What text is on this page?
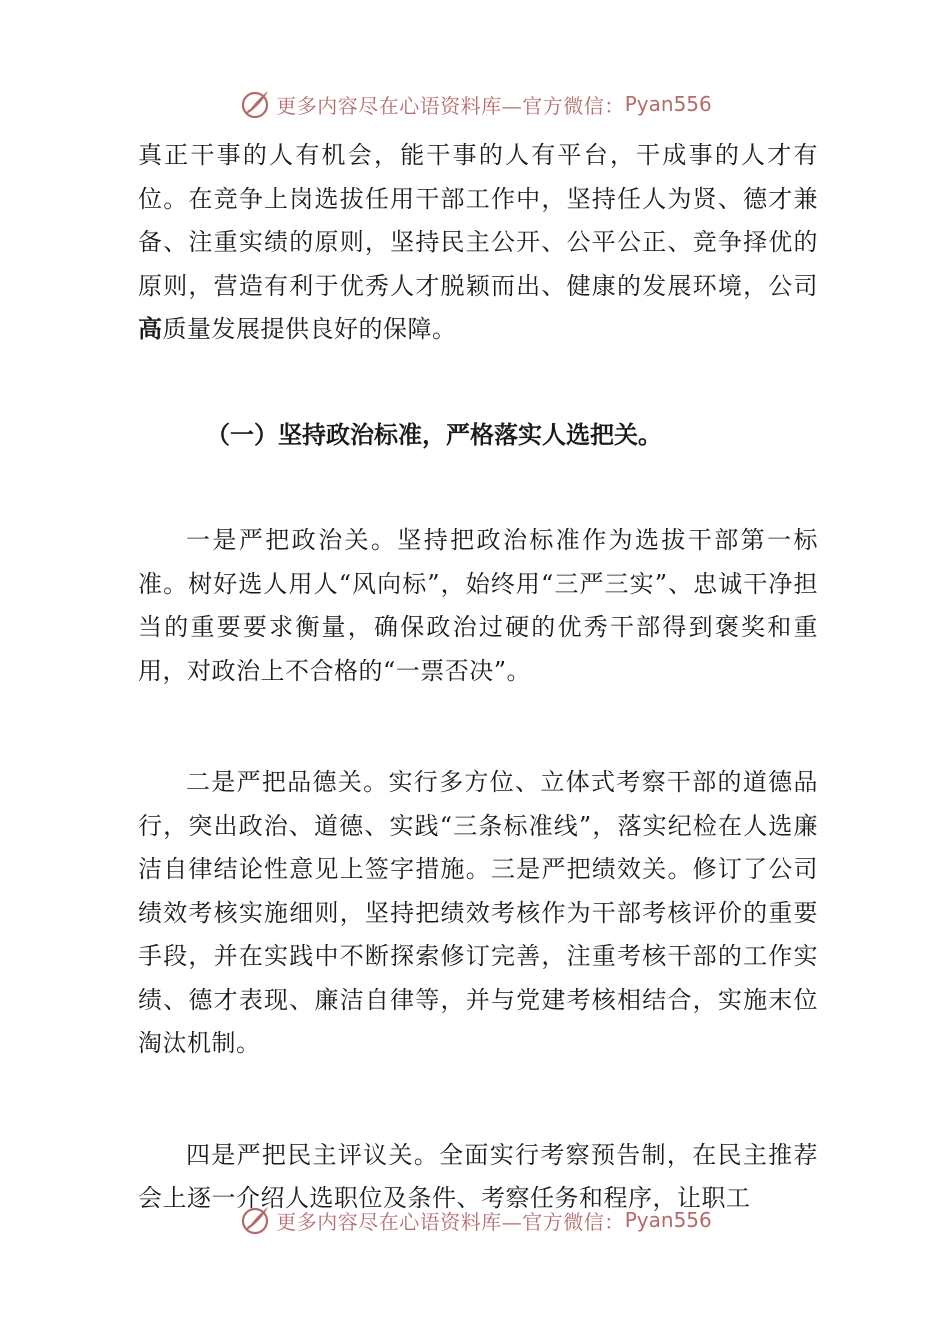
更多内容尽在心语资料库—官方微信： Pyan556

真正干事的人有机会，能干事的人有平台，干成事的人才有位。在竞争上岗选拔任用干部工作中，坚持任人为贤、德才兼备、注重实绩的原则，坚持民主公开、公平公正、竞争择优的原则，营造有利于优秀人才脱颖而出、健康的发展环境，公司高质量发展提供良好的保障。

（一）坚持政治标准，严格落实人选把关。

一是严把政治关。坚持把政治标准作为选拔干部第一标准。树好选人用人“风向标”，始终用“三严三实”、忠诚干净担当的重要要求衡量，确保政治过硬的优秀干部得到褒奖和重用，对政治上不合格的“一票否决”。

二是严把品德关。实行多方位、立体式考察干部的道德品行，突出政治、道德、实践“三条标准线”，落实纪检在人选廉洁自律结论性意见上签字措施。三是严把绩效关。修订了公司绩效考核实施细则，坚持把绩效考核作为干部考核评价的重要手段，并在实践中不断探索修订完善，注重考核干部的工作实绩、德才表现、廉洁自律等，并与党建考核相结合，实施末位淘汰机制。

四是严把民主评议关。全面实行考察预告制，在民主推荐会上逐一介绍人选职位及条件、考察任务和程序，让职工

更多内容尽在心语资料库—官方微信： Pyan556
